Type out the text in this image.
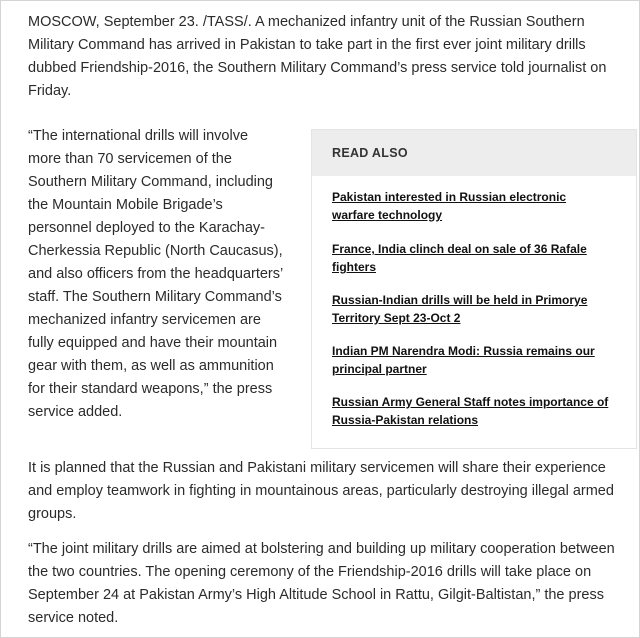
MOSCOW, September 23. /TASS/. A mechanized infantry unit of the Russian Southern Military Command has arrived in Pakistan to take part in the first ever joint military drills dubbed Friendship-2016, the Southern Military Command’s press service told journalist on Friday.

“The international drills will involve more than 70 servicemen of the Southern Military Command, including the Mountain Mobile Brigade’s personnel deployed to the Karachay-Cherkessia Republic (North Caucasus), and also officers from the headquarters’ staff. The Southern Military Command’s mechanized infantry servicemen are fully equipped and have their mountain gear with them, as well as ammunition for their standard weapons,” the press service added.

READ ALSO
Pakistan interested in Russian electronic warfare technology
France, India clinch deal on sale of 36 Rafale fighters
Russian-Indian drills will be held in Primorye Territory Sept 23-Oct 2
Indian PM Narendra Modi: Russia remains our principal partner
Russian Army General Staff notes importance of Russia-Pakistan relations

It is planned that the Russian and Pakistani military servicemen will share their experience and employ teamwork in fighting in mountainous areas, particularly destroying illegal armed groups.

“The joint military drills are aimed at bolstering and building up military cooperation between the two countries. The opening ceremony of the Friendship-2016 drills will take place on September 24 at Pakistan Army’s High Altitude School in Rattu, Gilgit-Baltistan,” the press service noted.
